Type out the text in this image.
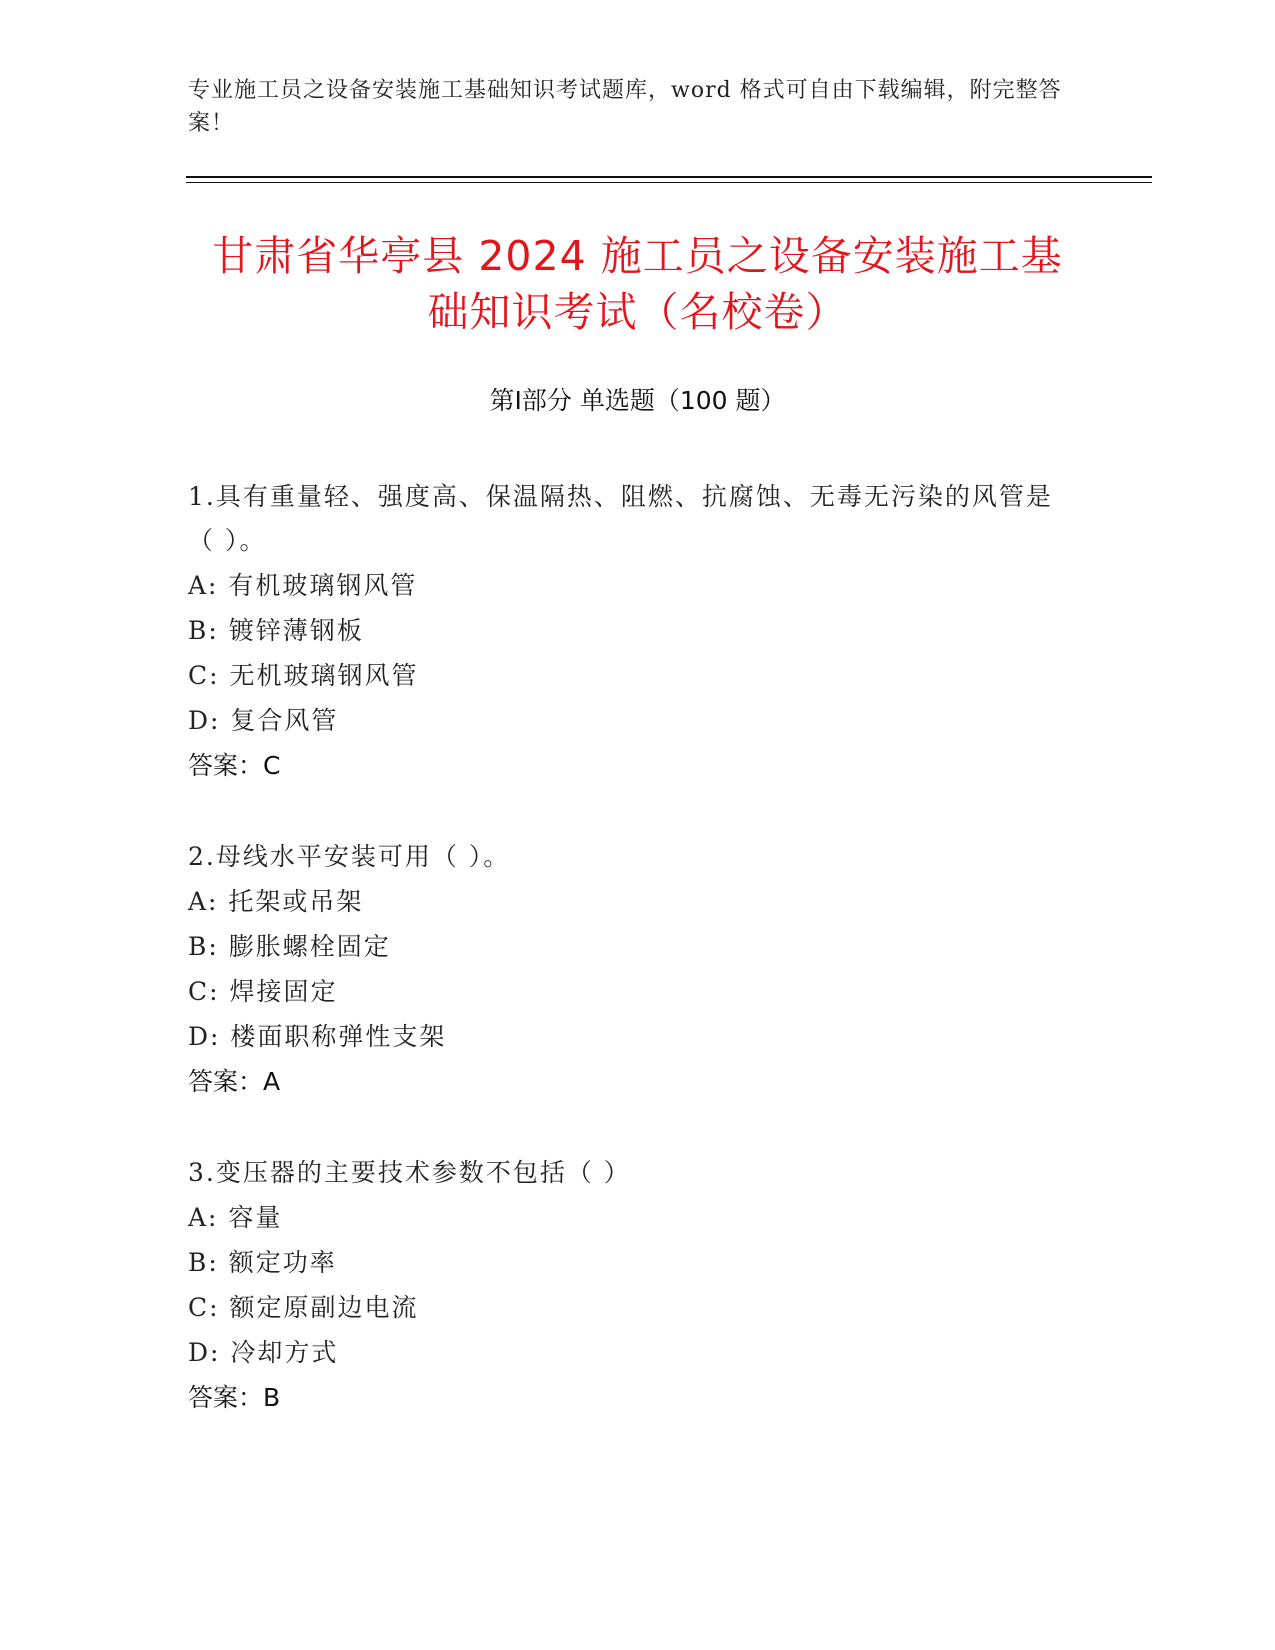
专业施工员之设备安装施工基础知识考试题库，word 格式可自由下载编辑，附完整答案！
甘肃省华亭县 2024 施工员之设备安装施工基
础知识考试（名校卷）
第Ⅰ部分 单选题（100 题）

1.具有重量轻、强度高、保温隔热、阻燃、抗腐蚀、无毒无污染的风管是（ ）。

A: 有机玻璃钢风管

B: 镀锌薄钢板

C: 无机玻璃钢风管

D: 复合风管

答案：C

2.母线水平安装可用（ ）。

A: 托架或吊架

B: 膨胀螺栓固定

C: 焊接固定

D: 楼面职称弹性支架

答案：A

3.变压器的主要技术参数不包括（ ）

A: 容量

B: 额定功率

C: 额定原副边电流

D: 冷却方式

答案：B
